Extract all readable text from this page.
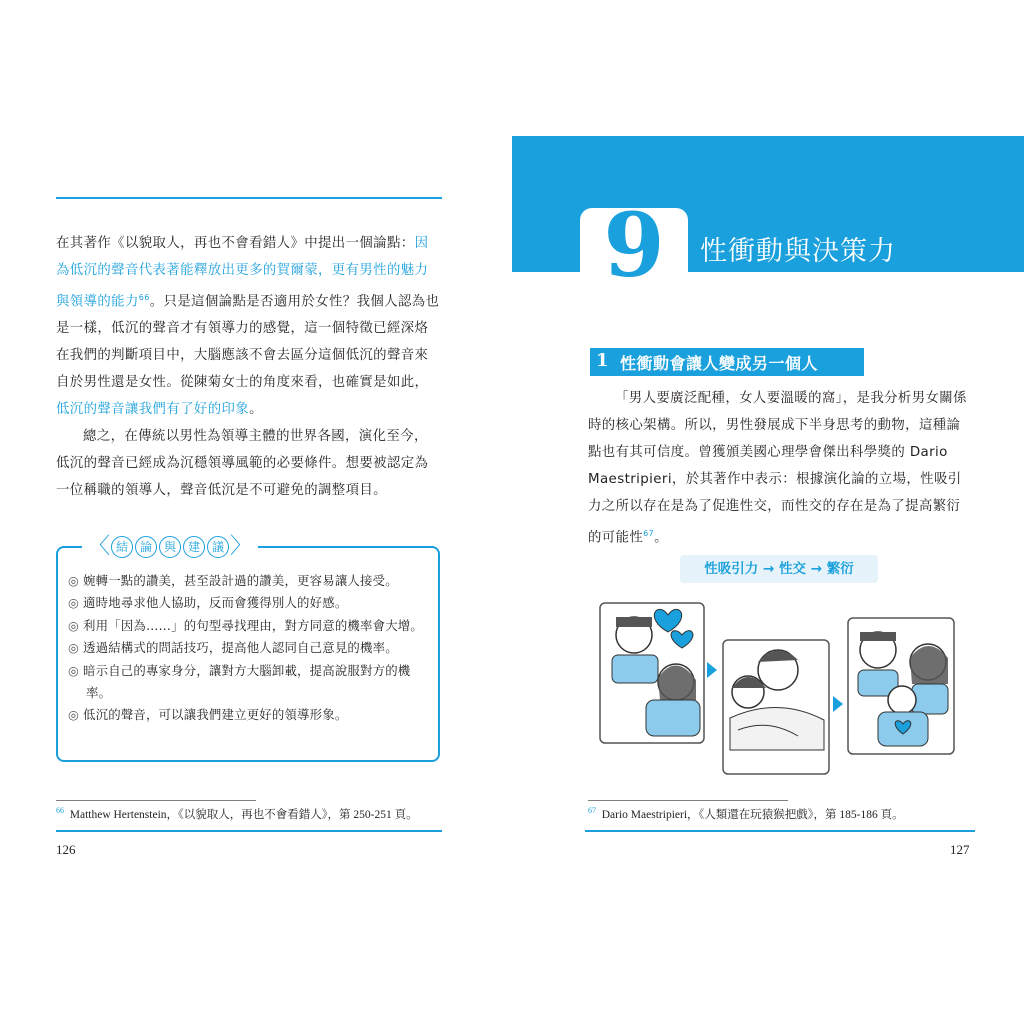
在其著作《以貌取人，再也不會看錯人》中提出一個論點：因為低沉的聲音代表著能釋放出更多的賀爾蒙，更有男性的魅力與領導的能力$^{66}$。只是這個論點是否適用於女性？我個人認為也是一樣，低沉的聲音才有領導力的感覺，這一個特徵已經深烙在我們的判斷項目中，大腦應該不會去區分這個低沉的聲音來自於男性還是女性。從陳菊女士的角度來看，也確實是如此，低沉的聲音讓我們有了好的印象。

總之，在傳統以男性為領導主體的世界各國，演化至今，低沉的聲音已經成為沉穩領導風範的必要條件。想要被認定為一位稱職的領導人，聲音低沉是不可避免的調整項目。

〈 結 論 與 建 議 〉
◎ 婉轉一點的讚美，甚至設計過的讚美，更容易讓人接受。
◎ 適時地尋求他人協助，反而會獲得別人的好感。
◎ 利用「因為……」的句型尋找理由，對方同意的機率會大增。
◎ 透過結構式的問話技巧，提高他人認同自己意見的機率。
◎ 暗示自己的專家身分，讓對方大腦卸載，提高說服對方的機率。
◎ 低沉的聲音，可以讓我們建立更好的領導形象。
$^{66}$ Matthew Hertenstein，《以貌取人，再也不會看錯人》，第 250-251 頁。
126
9	性衝動與決策力
1 性衝動會讓人變成另一個人
「男人要廣泛配種，女人要溫暖的窩」，是我分析男女關係時的核心架構。所以，男性發展成下半身思考的動物，這種論點也有其可信度。曾獲頒美國心理學會傑出科學獎的 Dario Maestripieri，於其著作中表示：根據演化論的立場，性吸引力之所以存在是為了促進性交，而性交的存在是為了提高繁衍的可能性$^{67}$。
性吸引力 → 性交 → 繁衍
$^{67}$ Dario Maestripieri，《人類還在玩猿猴把戲》，第 185-186 頁。
127
